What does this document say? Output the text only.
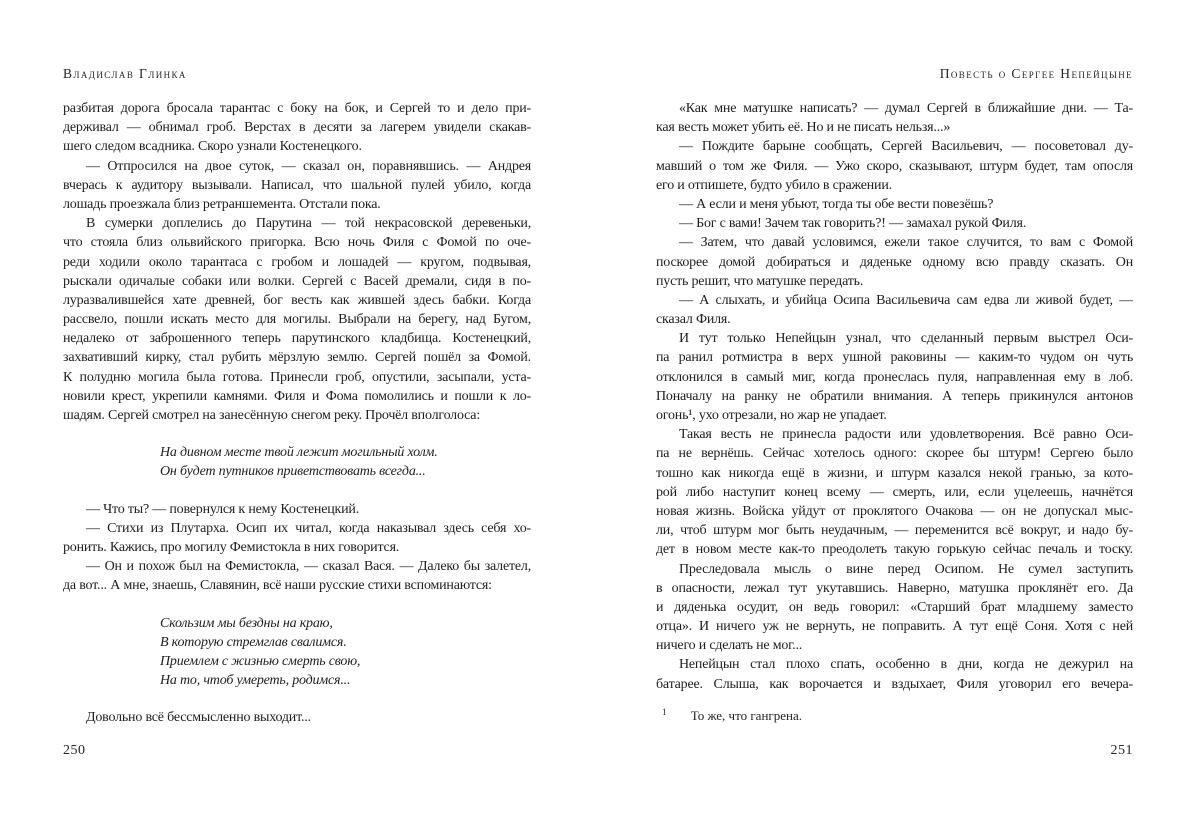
Владислав Глинка
разбитая дорога бросала тарантас с боку на бок, и Сергей то и дело при-
держивал — обнимал гроб. Верстах в десяти за лагерем увидели скакав-
шего следом всадника. Скоро узнали Костенецкого.
— Отпросился на двое суток, — сказал он, поравнявшись. — Андрея
вчерась к аудитору вызывали. Написал, что шальной пулей убило, когда
лошадь проезжала близ ретраншемента. Отстали пока.
В сумерки доплелись до Парутина — той некрасовской деревеньки,
что стояла близ ольвийского пригорка. Всю ночь Филя с Фомой по оче-
реди ходили около тарантаса с гробом и лошадей — кругом, подвывая,
рыскали одичалые собаки или волки. Сергей с Васей дремали, сидя в по-
луразвалившейся хате древней, бог весть как жившей здесь бабки. Когда
рассвело, пошли искать место для могилы. Выбрали на берегу, над Бугом,
недалеко от заброшенного теперь парутинского кладбища. Костенецкий,
захвативший кирку, стал рубить мёрзлую землю. Сергей пошёл за Фомой.
К полудню могила была готова. Принесли гроб, опустили, засыпали, уста-
новили крест, укрепили камнями. Филя и Фома помолились и пошли к ло-
шадям. Сергей смотрел на занесённую снегом реку. Прочёл вполголоса:
На дивном месте твой лежит могильный холм.
Он будет путников приветствовать всегда...
— Что ты? — повернулся к нему Костенецкий.
— Стихи из Плутарха. Осип их читал, когда наказывал здесь себя хо-
ронить. Кажись, про могилу Фемистокла в них говорится.
— Он и похож был на Фемистокла, — сказал Вася. — Далеко бы залетел,
да вот... А мне, знаешь, Славянин, всё наши русские стихи вспоминаются:
Скользим мы бездны на краю,
В которую стремглав свалимся.
Приемлем с жизнью смерть свою,
На то, чтоб умереть, родимся...
Довольно всё бессмысленно выходит...
250
Повесть о Сергее Непейцыне
«Как мне матушке написать? — думал Сергей в ближайшие дни. — Та-
кая весть может убить её. Но и не писать нельзя...»
— Пождите барыне сообщать, Сергей Васильевич, — посоветовал ду-
мавший о том же Филя. — Ужо скоро, сказывают, штурм будет, там опосля
его и отпишете, будто убило в сражении.
— А если и меня убьют, тогда ты обе вести повезёшь?
— Бог с вами! Зачем так говорить?! — замахал рукой Филя.
— Затем, что давай условимся, ежели такое случится, то вам с Фомой
поскорее домой добираться и дяденьке одному всю правду сказать. Он
пусть решит, что матушке передать.
— А слыхать, и убийца Осипа Васильевича сам едва ли живой будет, —
сказал Филя.
И тут только Непейцын узнал, что сделанный первым выстрел Оси-
па ранил ротмистра в верх ушной раковины — каким-то чудом он чуть
отклонился в самый миг, когда пронеслась пуля, направленная ему в лоб.
Поначалу на ранку не обратили внимания. А теперь прикинулся антонов
огонь¹, ухо отрезали, но жар не упадает.
Такая весть не принесла радости или удовлетворения. Всё равно Оси-
па не вернёшь. Сейчас хотелось одного: скорее бы штурм! Сергею было
тошно как никогда ещё в жизни, и штурм казался некой гранью, за кото-
рой либо наступит конец всему — смерть, или, если уцелеешь, начнётся
новая жизнь. Войска уйдут от проклятого Очакова — он не допускал мыс-
ли, чтоб штурм мог быть неудачным, — переменится всё вокруг, и надо бу-
дет в новом месте как-то преодолеть такую горькую сейчас печаль и тоску.
Преследовала мысль о вине перед Осипом. Не сумел заступить
в опасности, лежал тут укутавшись. Наверно, матушка проклянёт его. Да
и дяденька осудит, он ведь говорил: «Старший брат младшему заместо
отца». И ничего уж не вернуть, не поправить. А тут ещё Соня. Хотя с ней
ничего и сделать не мог...
Непейцын стал плохо спать, особенно в дни, когда не дежурил на
батарее. Слыша, как ворочается и вздыхает, Филя уговорил его вечера-
1 То же, что гангрена.
251
